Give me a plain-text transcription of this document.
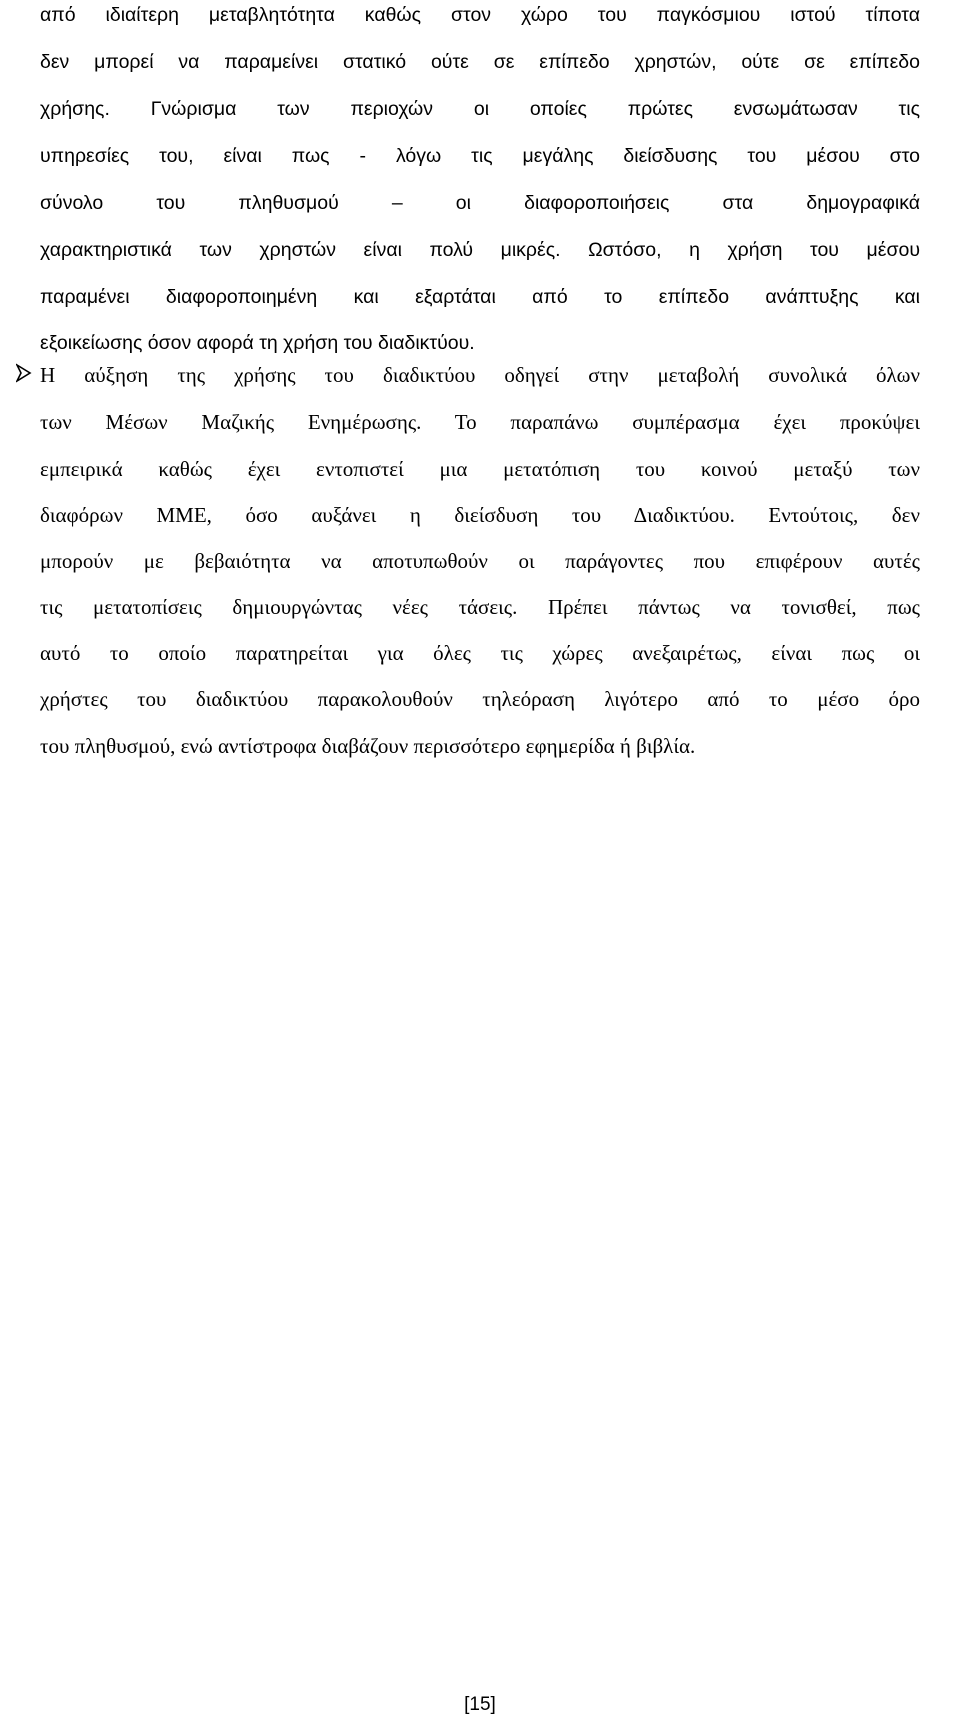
από ιδιαίτερη μεταβλητότητα καθώς στον χώρο του παγκόσμιου ιστού τίποτα
δεν μπορεί να παραμείνει στατικό ούτε σε επίπεδο χρηστών, ούτε σε επίπεδο
χρήσης. Γνώρισμα των περιοχών οι οποίες πρώτες ενσωμάτωσαν τις
υπηρεσίες του, είναι πως - λόγω τις μεγάλης διείσδυσης του μέσου στο
σύνολο του πληθυσμού – οι διαφοροποιήσεις στα δημογραφικά
χαρακτηριστικά των χρηστών είναι πολύ μικρές. Ωστόσο, η χρήση του μέσου
παραμένει διαφοροποιημένη και εξαρτάται από το επίπεδο ανάπτυξης και
εξοικείωσης όσον αφορά τη χρήση του διαδικτύου.
Η αύξηση της χρήσης του διαδικτύου οδηγεί στην μεταβολή συνολικά όλων
των Μέσων Μαζικής Ενημέρωσης. Το παραπάνω συμπέρασμα έχει προκύψει
εμπειρικά καθώς έχει εντοπιστεί μια μετατόπιση του κοινού μεταξύ των
διαφόρων ΜΜΕ, όσο αυξάνει η διείσδυση του Διαδικτύου. Εντούτοις, δεν
μπορούν με βεβαιότητα να αποτυπωθούν οι παράγοντες που επιφέρουν αυτές
τις μετατοπίσεις δημιουργώντας νέες τάσεις. Πρέπει πάντως να τονισθεί, πως
αυτό το οποίο παρατηρείται για όλες τις χώρες ανεξαιρέτως, είναι πως οι
χρήστες του διαδικτύου παρακολουθούν τηλεόραση λιγότερο από το μέσο όρο
του πληθυσμού, ενώ αντίστροφα διαβάζουν περισσότερο εφημερίδα ή βιβλία.
[15]
